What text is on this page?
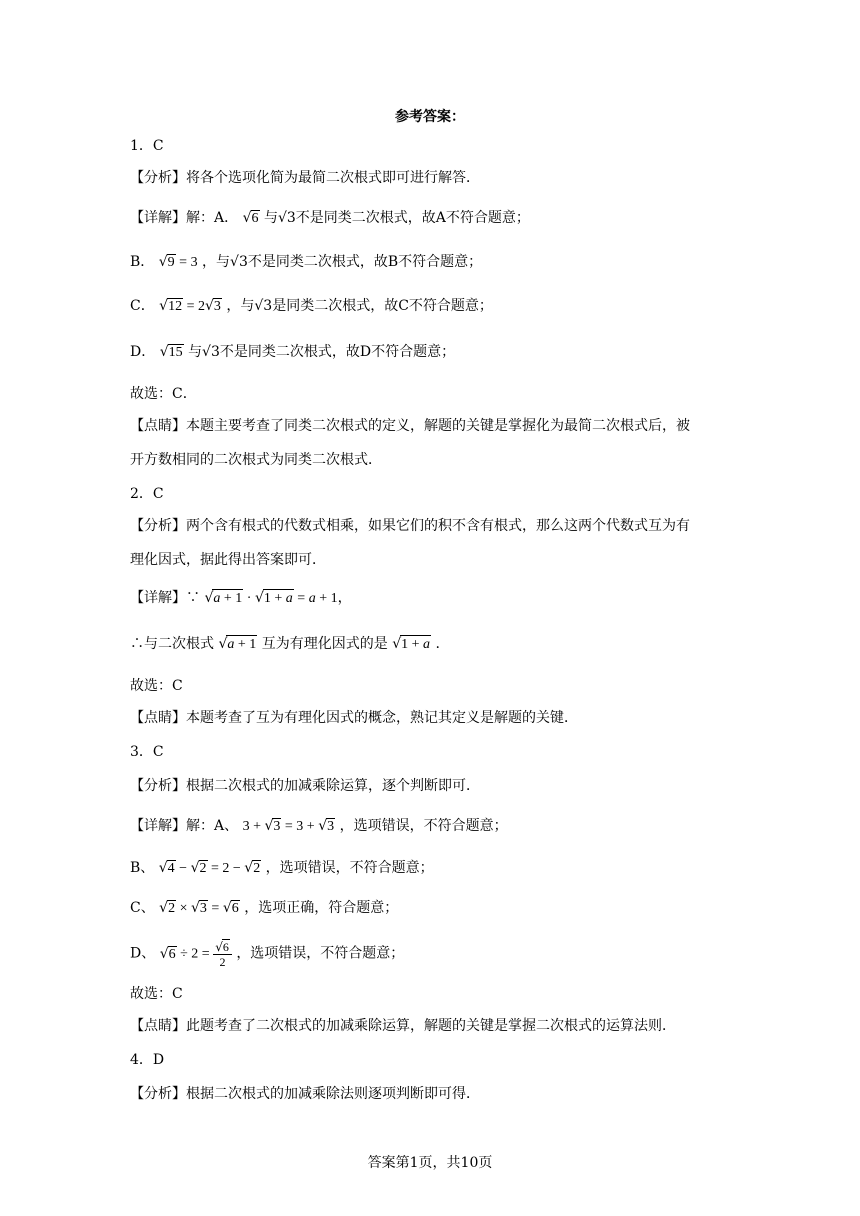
参考答案：
1．C
【分析】将各个选项化简为最简二次根式即可进行解答．
【详解】解：A． √6 与√3不是同类二次根式，故A不符合题意；
B． √9 = 3 ，与√3不是同类二次根式，故B不符合题意；
C． √12 = 2√3 ，与√3是同类二次根式，故C不符合题意；
D． √15 与√3不是同类二次根式，故D不符合题意；
故选：C．
【点睛】本题主要考查了同类二次根式的定义，解题的关键是掌握化为最简二次根式后，被
开方数相同的二次根式为同类二次根式．
2．C
【分析】两个含有根式的代数式相乘，如果它们的积不含有根式，那么这两个代数式互为有
理化因式，据此得出答案即可．
【详解】∵ √a + 1 · √1 + a = a + 1，
∴与二次根式 √a + 1 互为有理化因式的是 √1 + a .
故选：C
【点睛】本题考查了互为有理化因式的概念，熟记其定义是解题的关键．
3．C
【分析】根据二次根式的加减乘除运算，逐个判断即可．
【详解】解：A、 3 + √3 = 3 + √3 ，选项错误，不符合题意；
B、 √4 − √2 = 2 − √2 ，选项错误，不符合题意；
C、 √2 × √3 = √6 ，选项正确，符合题意；
D、 $√6 \div 2 = \frac{√6}{2}$ ，选项错误，不符合题意；
故选：C
【点睛】此题考查了二次根式的加减乘除运算，解题的关键是掌握二次根式的运算法则．
4．D
【分析】根据二次根式的加减乘除法则逐项判断即可得．
答案第1页，共10页
